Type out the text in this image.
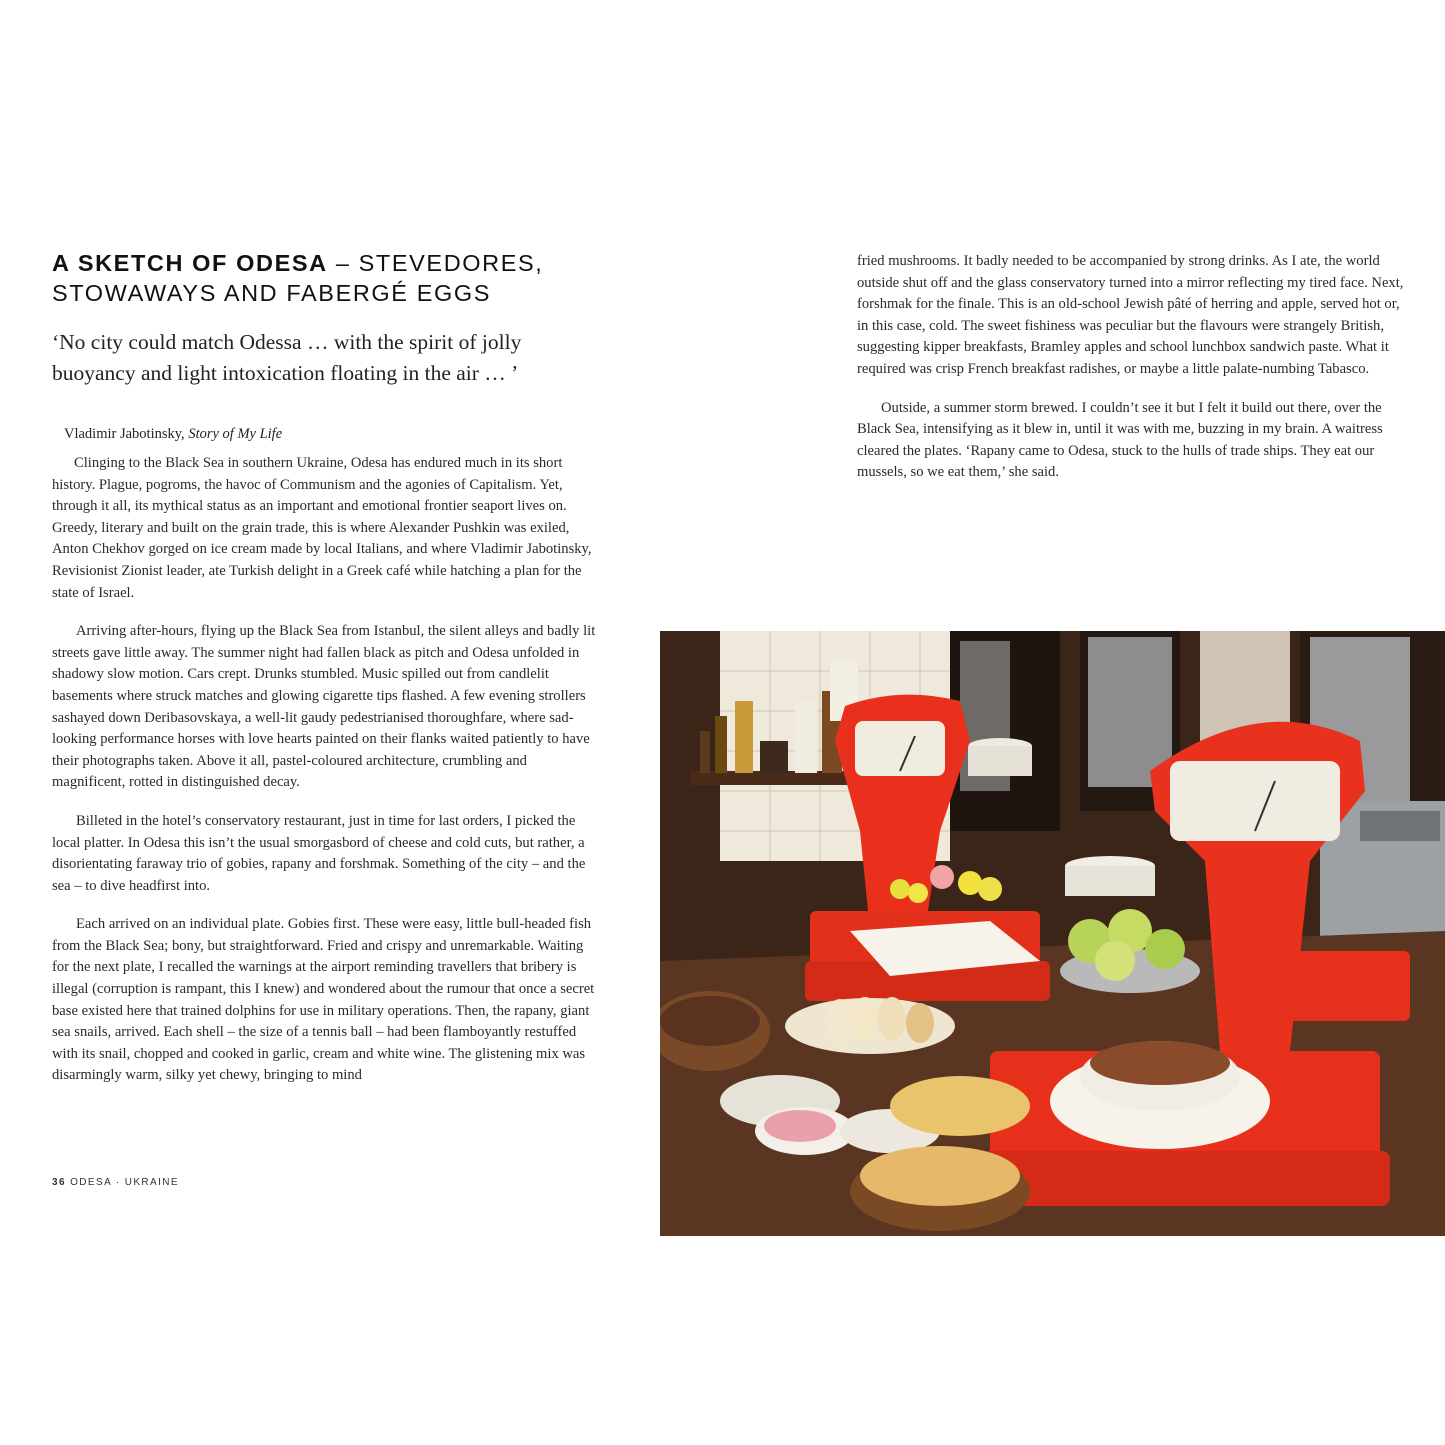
A SKETCH OF ODESA – STEVEDORES, STOWAWAYS AND FABERGÉ EGGS
‘No city could match Odessa … with the spirit of jolly buoyancy and light intoxication floating in the air … ’
Vladimir Jabotinsky, Story of My Life

Clinging to the Black Sea in southern Ukraine, Odesa has endured much in its short history. Plague, pogroms, the havoc of Communism and the agonies of Capitalism. Yet, through it all, its mythical status as an important and emotional frontier seaport lives on. Greedy, literary and built on the grain trade, this is where Alexander Pushkin was exiled, Anton Chekhov gorged on ice cream made by local Italians, and where Vladimir Jabotinsky, Revisionist Zionist leader, ate Turkish delight in a Greek café while hatching a plan for the state of Israel.

Arriving after-hours, flying up the Black Sea from Istanbul, the silent alleys and badly lit streets gave little away. The summer night had fallen black as pitch and Odesa unfolded in shadowy slow motion. Cars crept. Drunks stumbled. Music spilled out from candlelit basements where struck matches and glowing cigarette tips flashed. A few evening strollers sashayed down Deribasovskaya, a well-lit gaudy pedestrianised thoroughfare, where sad-looking performance horses with love hearts painted on their flanks waited patiently to have their photographs taken. Above it all, pastel-coloured architecture, crumbling and magnificent, rotted in distinguished decay.

Billeted in the hotel’s conservatory restaurant, just in time for last orders, I picked the local platter. In Odesa this isn’t the usual smorgasbord of cheese and cold cuts, but rather, a disorientating faraway trio of gobies, rapany and forshmak. Something of the city – and the sea – to dive headfirst into.

Each arrived on an individual plate. Gobies first. These were easy, little bull-headed fish from the Black Sea; bony, but straightforward. Fried and crispy and unremarkable. Waiting for the next plate, I recalled the warnings at the airport reminding travellers that bribery is illegal (corruption is rampant, this I knew) and wondered about the rumour that once a secret base existed here that trained dolphins for use in military operations. Then, the rapany, giant sea snails, arrived. Each shell – the size of a tennis ball – had been flamboyantly restuffed with its snail, chopped and cooked in garlic, cream and white wine. The glistening mix was disarmingly warm, silky yet chewy, bringing to mind

fried mushrooms. It badly needed to be accompanied by strong drinks. As I ate, the world outside shut off and the glass conservatory turned into a mirror reflecting my tired face. Next, forshmak for the finale. This is an old-school Jewish pâté of herring and apple, served hot or, in this case, cold. The sweet fishiness was peculiar but the flavours were strangely British, suggesting kipper breakfasts, Bramley apples and school lunchbox sandwich paste. What it required was crisp French breakfast radishes, or maybe a little palate-numbing Tabasco.

Outside, a summer storm brewed. I couldn’t see it but I felt it build out there, over the Black Sea, intensifying as it blew in, until it was with me, buzzing in my brain. A waitress cleared the plates. ‘Rapany came to Odesa, stuck to the hulls of trade ships. They eat our mussels, so we eat them,’ she said.

36 ODESA · UKRAINE
